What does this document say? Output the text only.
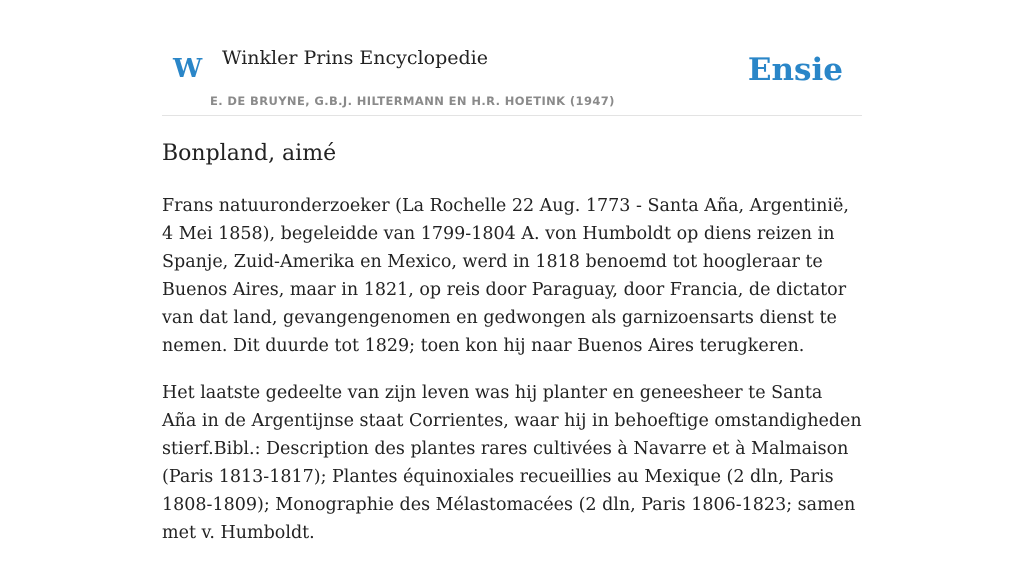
W Winkler Prins Encyclopedie
E. DE BRUYNE, G.B.J. HILTERMANN EN H.R. HOETINK (1947)
Ensie
Bonpland, aimé

Frans natuuronderzoeker (La Rochelle 22 Aug. 1773 - Santa Aña, Argentinië, 4 Mei 1858), begeleidde van 1799-1804 A. von Humboldt op diens reizen in Spanje, Zuid-Amerika en Mexico, werd in 1818 benoemd tot hoogleraar te Buenos Aires, maar in 1821, op reis door Paraguay, door Francia, de dictator van dat land, gevangengenomen en gedwongen als garnizoensarts dienst te nemen. Dit duurde tot 1829; toen kon hij naar Buenos Aires terugkeren.

Het laatste gedeelte van zijn leven was hij planter en geneesheer te Santa Aña in de Argentijnse staat Corrientes, waar hij in behoeftige omstandigheden stierf.Bibl.: Description des plantes rares cultivées à Navarre et à Malmaison (Paris 1813-1817); Plantes équinoxiales recueillies au Mexique (2 dln, Paris 1808-1809); Monographie des Mélastomacées (2 dln, Paris 1806-1823; samen met v. Humboldt.
